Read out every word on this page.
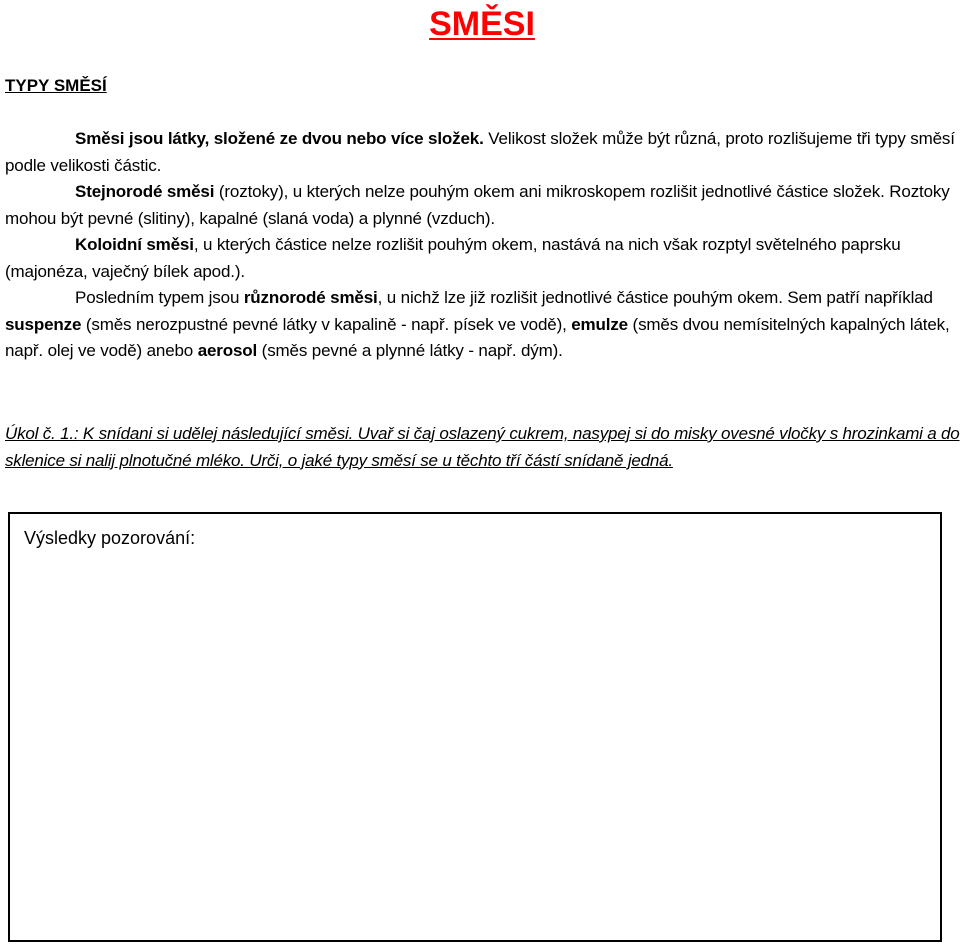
SMĚSI
TYPY SMĚSÍ

Směsi jsou látky, složené ze dvou nebo více složek. Velikost složek může být různá, proto rozlišujeme tři typy směsí podle velikosti částic.

Stejnorodé směsi (roztoky), u kterých nelze pouhým okem ani mikroskopem rozlišit jednotlivé částice složek. Roztoky mohou být pevné (slitiny), kapalné (slaná voda) a plynné (vzduch).

Koloidní směsi, u kterých částice nelze rozlišit pouhým okem, nastává na nich však rozptyl světelného paprsku (majonéza, vaječný bílek apod.).

Posledním typem jsou různorodé směsi, u nichž lze již rozlišit jednotlivé částice pouhým okem. Sem patří například suspenze (směs nerozpustné pevné látky v kapalině - např. písek ve vodě), emulze (směs dvou nemísitelných kapalných látek, např. olej ve vodě) anebo aerosol (směs pevné a plynné látky - např. dým).

Úkol č. 1.: K snídani si udělej následující směsi. Uvař si čaj oslazený cukrem, nasypej si do misky ovesné vločky s hrozinkami a do sklenice si nalij plnotučné mléko. Urči, o jaké typy směsí se u těchto tří částí snídaně jedná.
Výsledky pozorování:
